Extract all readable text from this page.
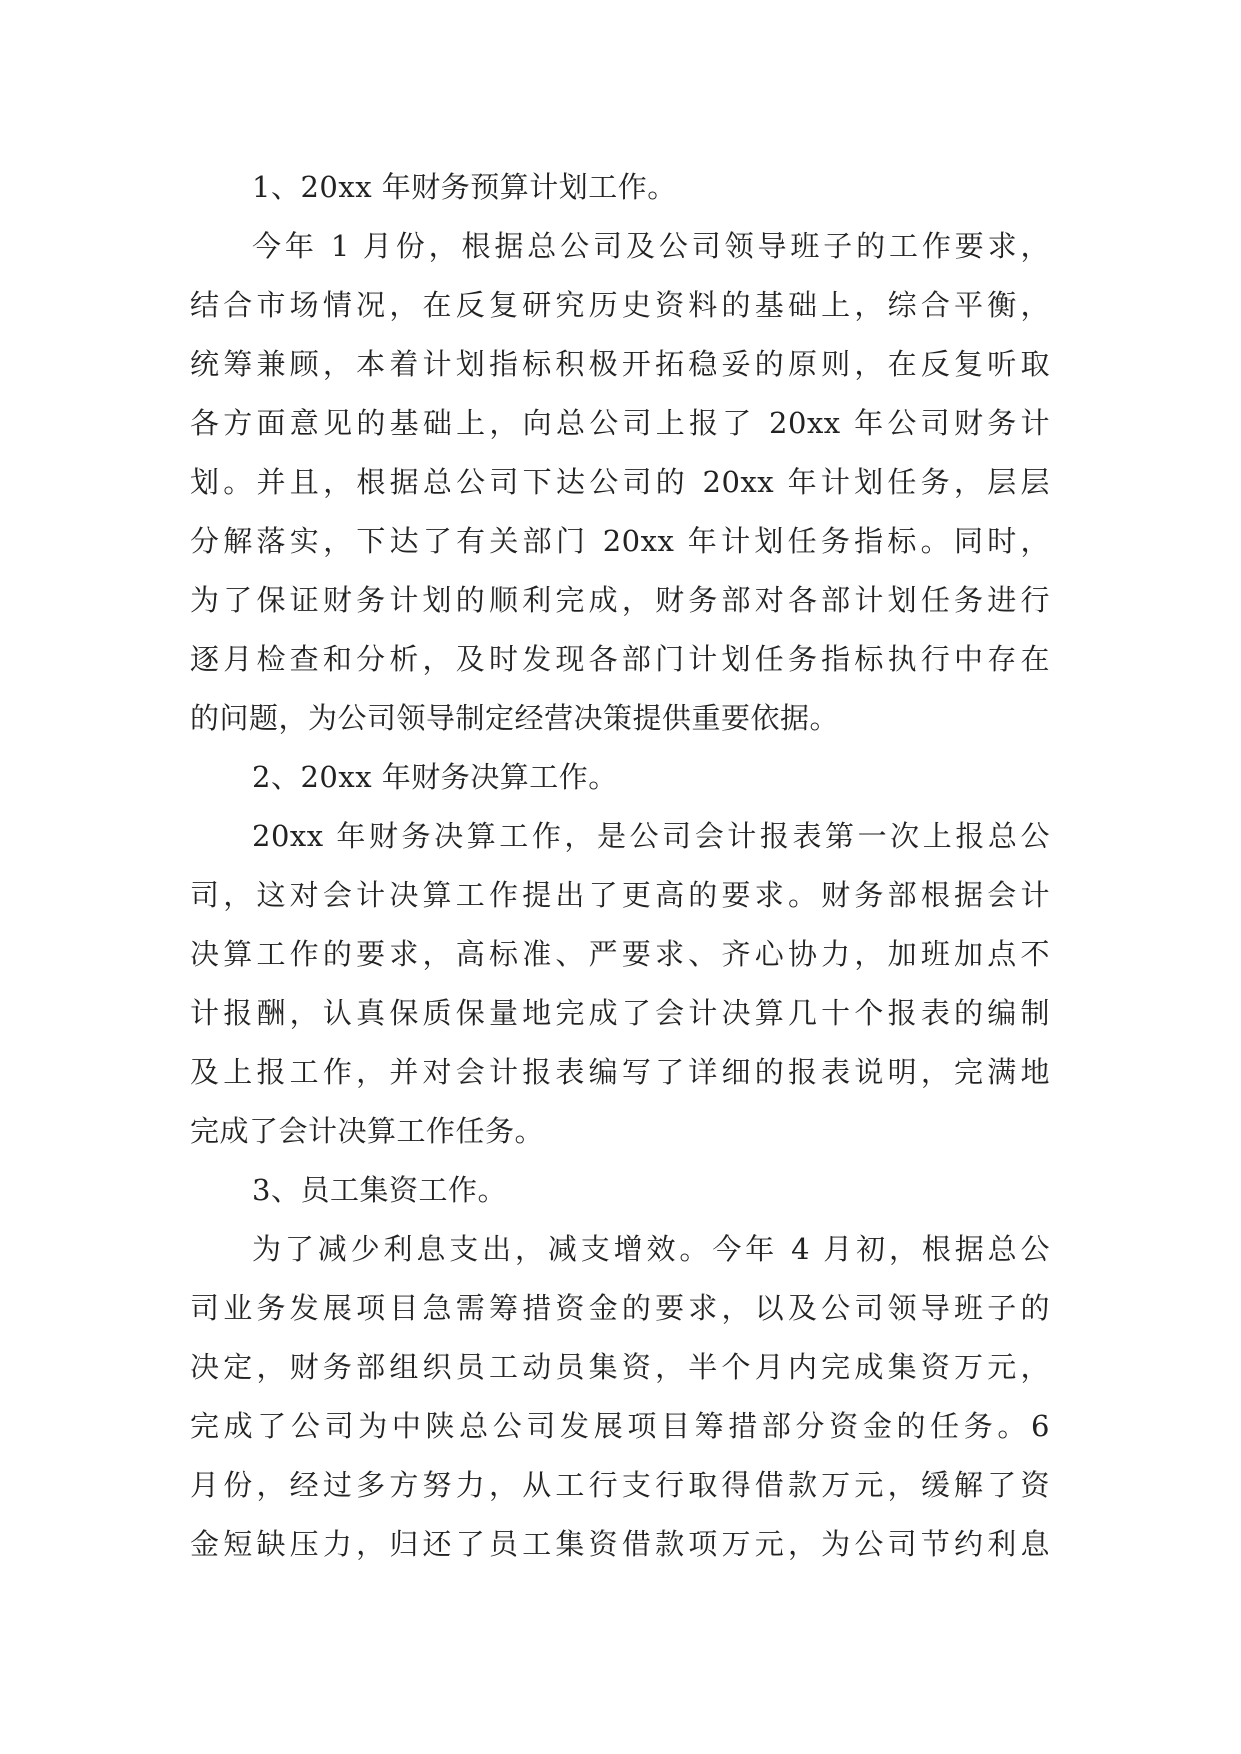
1、20xx 年财务预算计划工作。
今年 1 月份，根据总公司及公司领导班子的工作要求，
结合市场情况，在反复研究历史资料的基础上，综合平衡，
统筹兼顾，本着计划指标积极开拓稳妥的原则，在反复听取
各方面意见的基础上，向总公司上报了 20xx 年公司财务计
划。并且，根据总公司下达公司的 20xx 年计划任务，层层
分解落实，下达了有关部门 20xx 年计划任务指标。同时，
为了保证财务计划的顺利完成，财务部对各部计划任务进行
逐月检查和分析，及时发现各部门计划任务指标执行中存在
的问题，为公司领导制定经营决策提供重要依据。
2、20xx 年财务决算工作。
20xx 年财务决算工作，是公司会计报表第一次上报总公
司，这对会计决算工作提出了更高的要求。财务部根据会计
决算工作的要求，高标准、严要求、齐心协力，加班加点不
计报酬，认真保质保量地完成了会计决算几十个报表的编制
及上报工作，并对会计报表编写了详细的报表说明，完满地
完成了会计决算工作任务。
3、员工集资工作。
为了减少利息支出，减支增效。今年 4 月初，根据总公
司业务发展项目急需筹措资金的要求，以及公司领导班子的
决定，财务部组织员工动员集资，半个月内完成集资万元，
完成了公司为中陕总公司发展项目筹措部分资金的任务。6
月份，经过多方努力，从工行支行取得借款万元，缓解了资
金短缺压力，归还了员工集资借款项万元，为公司节约利息
